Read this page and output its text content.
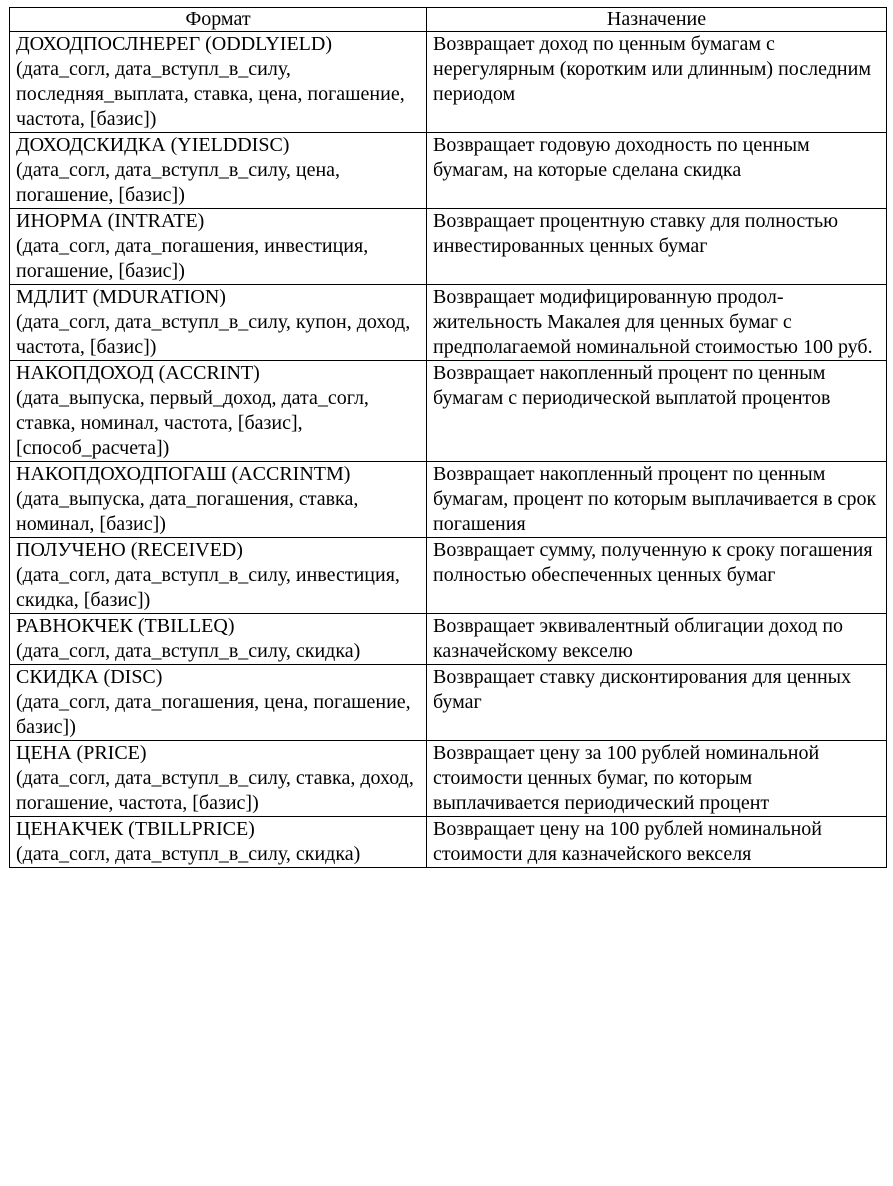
Формат	Назначение

ДОХОДПОСЛНЕРЕГ (ODDLYIELD)
(дата_согл, дата_вступл_в_силу, последняя_выплата, ставка, цена, погашение, частота, [базис])	Возвращает доход по ценным бумагам с нерегулярным (коротким или длинным) последним периодом

ДОХОДСКИДКА (YIELDDISC)
(дата_согл, дата_вступл_в_силу, цена, погашение, [базис])	Возвращает годовую доходность по ценным бумагам, на которые сделана скидка

ИНОРМА (INTRATE)
(дата_согл, дата_погашения, инвестиция, погашение, [базис])	Возвращает процентную ставку для полностью инвестированных ценных бумаг

МДЛИТ (MDURATION)
(дата_согл, дата_вступл_в_силу, купон, доход, частота, [базис])	Возвращает модифицированную продол-жительность Макалея для ценных бумаг с предполагаемой номинальной стоимостью 100 руб.

НАКОПДОХОД (ACCRINT)
(дата_выпуска, первый_доход, дата_согл, ставка, номинал, частота, [базис], [способ_расчета])	Возвращает накопленный процент по ценным бумагам с периодической выплатой процентов

НАКОПДОХОДПОГАШ (ACCRINTM)
(дата_выпуска, дата_погашения, ставка, номинал, [базис])	Возвращает накопленный процент по ценным бумагам, процент по которым выплачивается в срок погашения

ПОЛУЧЕНО (RECEIVED)
(дата_согл, дата_вступл_в_силу, инвестиция, скидка, [базис])	Возвращает сумму, полученную к сроку погашения полностью обеспеченных ценных бумаг

РАВНОКЧЕК (TBILLEQ)
(дата_согл, дата_вступл_в_силу, скидка)	Возвращает эквивалентный облигации доход по казначейскому векселю

СКИДКА (DISC)
(дата_согл, дата_погашения, цена, погашение, базис])	Возвращает ставку дисконтирования для ценных бумаг

ЦЕНА (PRICE)
(дата_согл, дата_вступл_в_силу, ставка, доход, погашение, частота, [базис])	Возвращает цену за 100 рублей номинальной стоимости ценных бумаг, по которым выплачивается периодический процент

ЦЕНАКЧЕК (TBILLPRICE)
(дата_согл, дата_вступл_в_силу, скидка)	Возвращает цену на 100 рублей номинальной стоимости для казначейского векселя
